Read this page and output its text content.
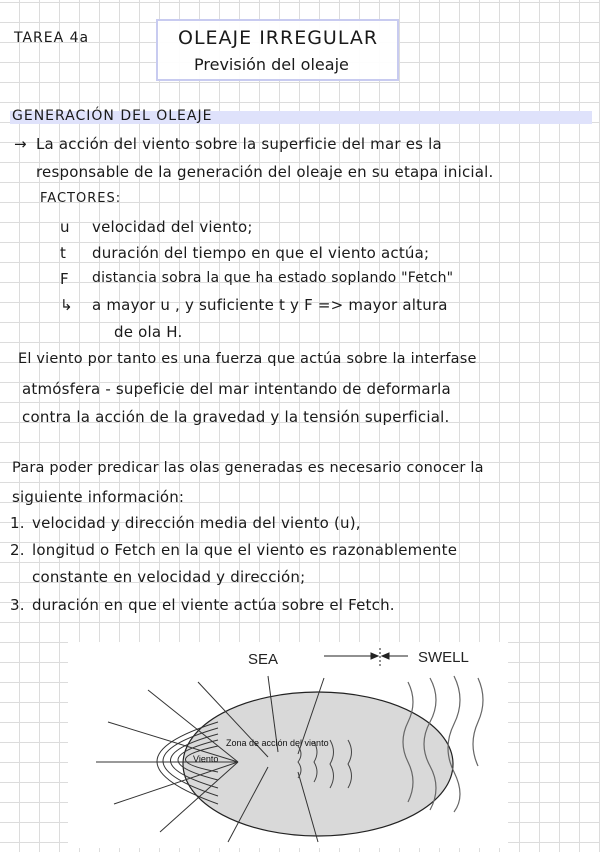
TAREA 4a	OLEAJE IRREGULAR
Previsión del oleaje
GENERACIÓN DEL OLEAJE
→ La acción del viento sobre la superficie del mar es la
responsable de la generación del oleaje en su etapa inicial.
FACTORES:
u velocidad del viento;
t duración del tiempo en que el viento actúa;
F distancia sobra la que ha estado soplando "Fetch"
↳ a mayor u , y suficiente t y F => mayor altura
de ola H.
El viento por tanto es una fuerza que actúa sobre la interfase
atmósfera - supeficie del mar intentando de deformarla
contra la acción de la gravedad y la tensión superficial.
Para poder predicar las olas generadas es necesario conocer la
siguiente información:
1. velocidad y dirección media del viento (u),
2. longitud o Fetch en la que el viento es razonablemente
constante en velocidad y dirección;
3. duración en que el viente actúa sobre el Fetch.
SEA	SWELL
Zona de acción del viento
Viento
